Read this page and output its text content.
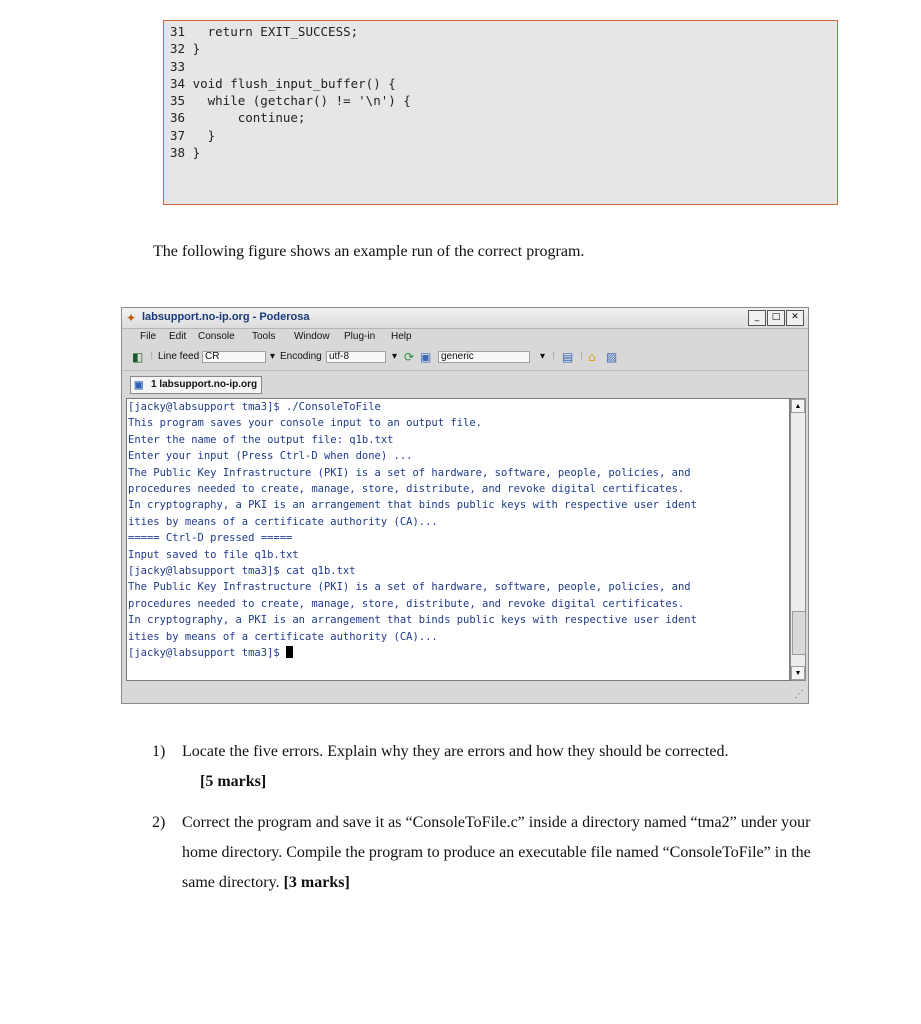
31   return EXIT_SUCCESS;
32 }
33
34 void flush_input_buffer() {
35   while (getchar() != '\n') {
36       continue;
37   }
38 }
The following figure shows an example run of the correct program.
✦ labsupport.no-ip.org - Poderosa	_	□	✕
File Edit Console Tools Window Plug-in Help
◧ ⁝ Line feed CR	▾ Encoding utf-8	▾ ⟳ ▣ generic	▾ ⁝ ▤ ⁝ ⌂ ▨
▣ 1 labsupport.no-ip.org
[jacky@labsupport tma3]$ ./ConsoleToFile
This program saves your console input to an output file.
Enter the name of the output file: q1b.txt
Enter your input (Press Ctrl-D when done) ...
The Public Key Infrastructure (PKI) is a set of hardware, software, people, policies, and
procedures needed to create, manage, store, distribute, and revoke digital certificates.
In cryptography, a PKI is an arrangement that binds public keys with respective user ident
ities by means of a certificate authority (CA)...
===== Ctrl-D pressed =====
Input saved to file q1b.txt
[jacky@labsupport tma3]$ cat q1b.txt
The Public Key Infrastructure (PKI) is a set of hardware, software, people, policies, and
procedures needed to create, manage, store, distribute, and revoke digital certificates.
In cryptography, a PKI is an arrangement that binds public keys with respective user ident
ities by means of a certificate authority (CA)...
[jacky@labsupport tma3]$
▲
▼
⋰
1) Locate the five errors. Explain why they are errors and how they should be corrected.
[5 marks]
2) Correct the program and save it as “ConsoleToFile.c” inside a directory named “tma2” under your home directory. Compile the program to produce an executable file named “ConsoleToFile” in the same directory. [3 marks]
